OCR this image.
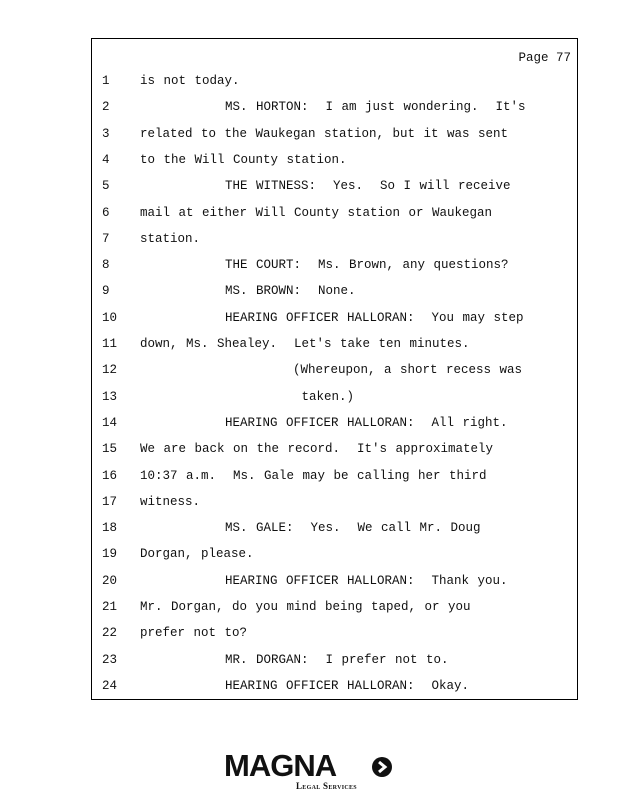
Page 77
1	is not today.
2	MS. HORTON:  I am just wondering.  It's
3	related to the Waukegan station, but it was sent
4	to the Will County station.
5	THE WITNESS:  Yes.  So I will receive
6	mail at either Will County station or Waukegan
7	station.
8	THE COURT:  Ms. Brown, any questions?
9	MS. BROWN:  None.
10	HEARING OFFICER HALLORAN:  You may step
11	down, Ms. Shealey.  Let's take ten minutes.
12	(Whereupon, a short recess was
13	taken.)
14	HEARING OFFICER HALLORAN:  All right.
15	We are back on the record.  It's approximately
16	10:37 a.m.  Ms. Gale may be calling her third
17	witness.
18	MS. GALE:  Yes.  We call Mr. Doug
19	Dorgan, please.
20	HEARING OFFICER HALLORAN:  Thank you.
21	Mr. Dorgan, do you mind being taped, or you
22	prefer not to?
23	MR. DORGAN:  I prefer not to.
24	HEARING OFFICER HALLORAN:  Okay.
MAGNA
Legal Services
